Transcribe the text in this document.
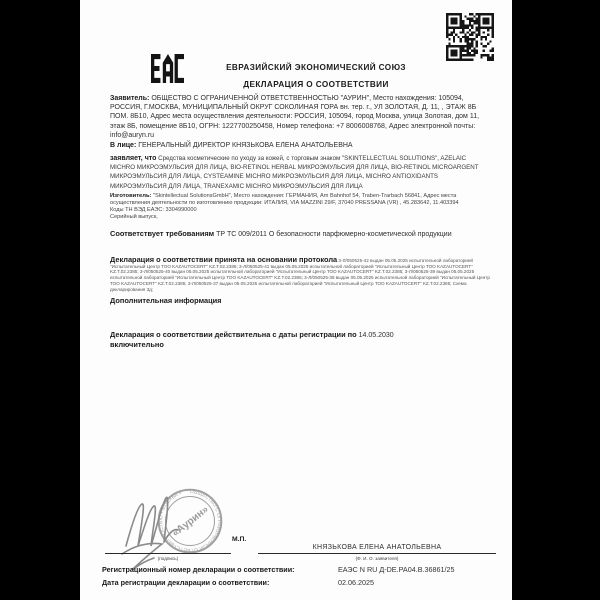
ЕВРАЗИЙСКИЙ ЭКОНОМИЧЕСКИЙ СОЮЗ
ДЕКЛАРАЦИЯ О СООТВЕТСТВИИ
Заявитель: ОБЩЕСТВО С ОГРАНИЧЕННОЙ ОТВЕТСТВЕННОСТЬЮ "АУРИН", Место нахождения: 105094, РОССИЯ, Г.МОСКВА, МУНИЦИПАЛЬНЫЙ ОКРУГ СОКОЛИНАЯ ГОРА вн. тер. г., УЛ ЗОЛОТАЯ, Д. 11, , ЭТАЖ 8Б ПОМ. 8Б10, Адрес места осуществления деятельности: РОССИЯ, 105094, город Москва, улица Золотая, дом 11, этаж 8Б, помещение 8Б10, ОГРН: 1227700250458, Номер телефона: +7 8006008768, Адрес электронной почты: info@auryn.ru
В лице: ГЕНЕРАЛЬНЫЙ ДИРЕКТОР КНЯЗЬКОВА ЕЛЕНА АНАТОЛЬЕВНА
заявляет, что Средства косметические по уходу за кожей, с торговым знаком "SKINTELLECTUAL SOLUTIONS", AZELAIC MICHRO МИКРОЭМУЛЬСИЯ ДЛЯ ЛИЦА, BIO-RETINOL HERBAL МИКРОЭМУЛЬСИЯ ДЛЯ ЛИЦА, BIO-RETINOL MICROARGENT МИКРОЭМУЛЬСИЯ ДЛЯ ЛИЦА, CYSTEAMINE MICHRO МИКРОЭМУЛЬСИЯ ДЛЯ ЛИЦА, MICHRO ANTIOXIDANTS МИКРОЭМУЛЬСИЯ ДЛЯ ЛИЦА, TRANEXAMIC MICHRO МИКРОЭМУЛЬСИЯ ДЛЯ ЛИЦА
Изготовитель: "Skintellectual SolutionsGmbH", Место нахождения: ГЕРМАНИЯ, Am Bahnhof 54, Traben-Trarbach 56841, Адрес места осуществления деятельности по изготовлению продукции: ИТАЛИЯ, VIA MAZZINI 29/F, 37040 PRESSANA (VR) , 45.283642, 11.403394
Коды ТН ВЭД ЕАЭС: 3304990000
Серийный выпуск,
Соответствует требованиям ТР ТС 009/2011 О безопасности парфюмерно-косметической продукции
Декларация о соответствии принята на основании протокола 3-Л/050525-42 выдан 05.05.2025 испытательной лабораторией "Испытательный Центр ТОО KAZAUTOCERT" KZ.T.02.2385; 3-Л/050525-41 выдан 05.05.2025 испытательной лабораторией "Испытательный Центр ТОО KAZAUTOCERT" KZ.T.02.2385; 3-Л/050525-40 выдан 05.05.2025 испытательной лабораторией "Испытательный Центр ТОО KAZAUTOCERT" KZ.T.02.2385; 3-Л/050525-39 выдан 05.05.2025 испытательной лабораторией "Испытательный Центр ТОО KAZAUTOCERT" KZ.T.02.2385; 3-Л/050525-38 выдан 05.05.2025 испытательной лабораторией "Испытательный Центр ТОО KAZAUTOCERT" KZ.T.02.2385; 3-Л/050525-37 выдан 05.05.2025 испытательной лабораторией "Испытательный Центр ТОО KAZAUTOCERT" KZ.T.02.2385; Схема декларирования 3д;
Дополнительная информация
Декларация о соответствии действительна с даты регистрации по 14.05.2030
включительно
ОБЩЕСТВО С ОГРАНИЧЕННОЙ ОТВЕТСТВЕННОСТЬЮ • МОСКВА •
«Аурин»
М.П.
(подпись)
КНЯЗЬКОВА ЕЛЕНА АНАТОЛЬЕВНА
(Ф. И. О. заявителя)
Регистрационный номер декларации о соответствии:	ЕАЭС N RU Д-DE.РА04.В.36861/25
Дата регистрации декларации о соответствии:	02.06.2025
